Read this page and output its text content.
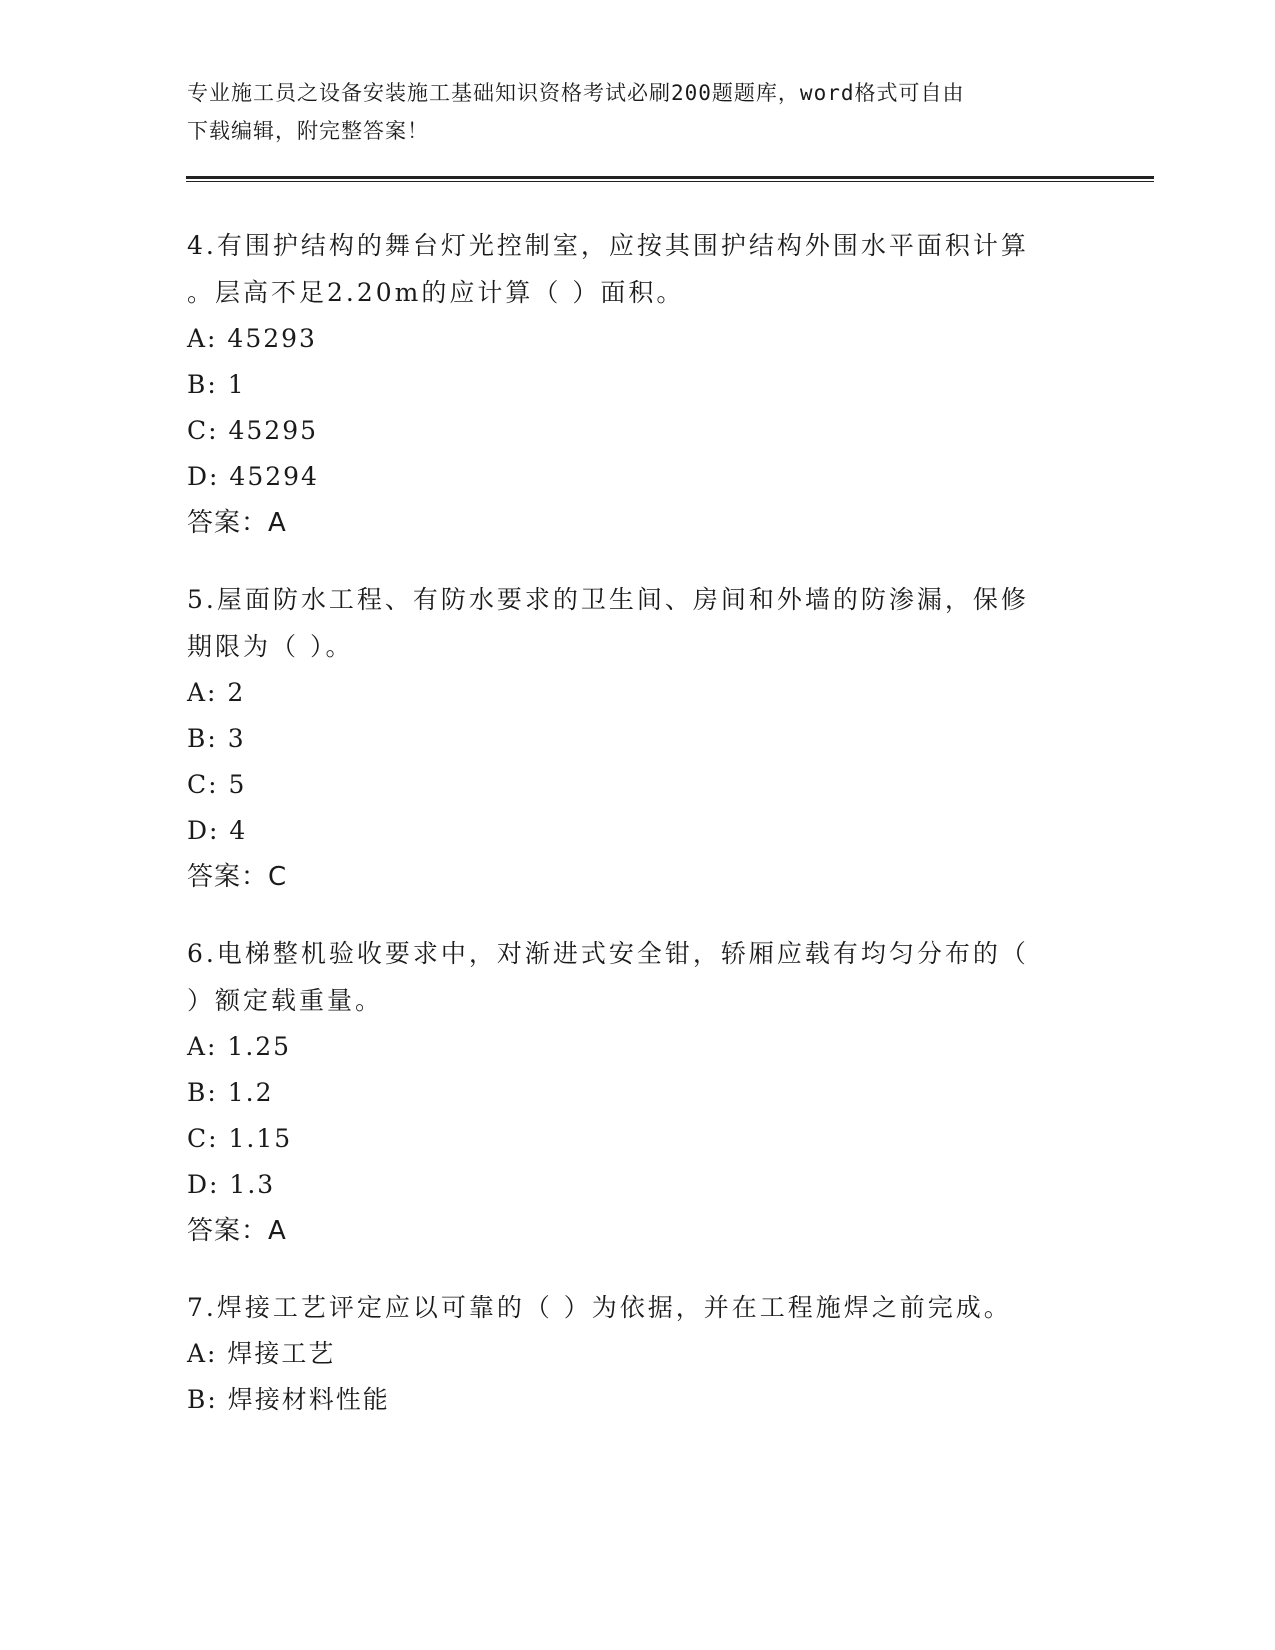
专业施工员之设备安装施工基础知识资格考试必刷200题题库，word格式可自由
下载编辑，附完整答案！

4.有围护结构的舞台灯光控制室，应按其围护结构外围水平面积计算

。层高不足2.20m的应计算（ ）面积。

A: 45293

B: 1

C: 45295

D: 45294

答案：A

5.屋面防水工程、有防水要求的卫生间、房间和外墙的防渗漏，保修

期限为（ ）。

A: 2

B: 3

C: 5

D: 4

答案：C

6.电梯整机验收要求中，对渐进式安全钳，轿厢应载有均匀分布的（

）额定载重量。

A: 1.25

B: 1.2

C: 1.15

D: 1.3

答案：A

7.焊接工艺评定应以可靠的（ ）为依据，并在工程施焊之前完成。

A: 焊接工艺

B: 焊接材料性能
